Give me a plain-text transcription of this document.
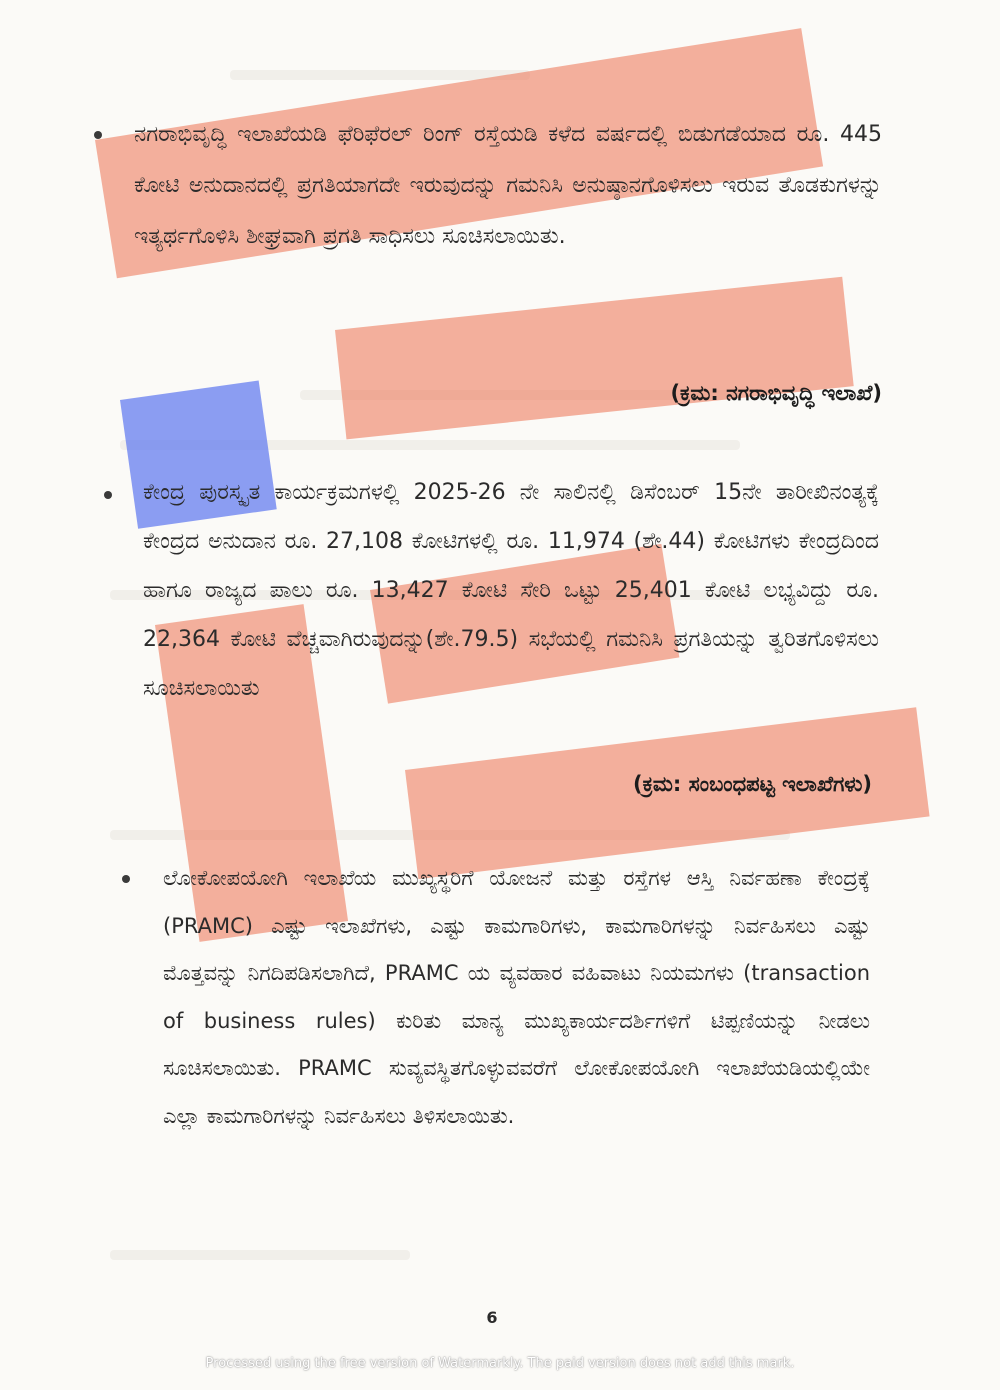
ನಗರಾಭಿವೃದ್ಧಿ ಇಲಾಖೆಯಡಿ ಫೆರಿಫೆರಲ್ ರಿಂಗ್ ರಸ್ತೆಯಡಿ ಕಳೆದ ವರ್ಷದಲ್ಲಿ ಬಿಡುಗಡೆಯಾದ ರೂ. 445 ಕೋಟಿ ಅನುದಾನದಲ್ಲಿ ಪ್ರಗತಿಯಾಗದೇ ಇರುವುದನ್ನು ಗಮನಿಸಿ ಅನುಷ್ಠಾನಗೊಳಿಸಲು ಇರುವ ತೊಡಕುಗಳನ್ನು ಇತ್ಯರ್ಥಗೊಳಿಸಿ ಶೀಘ್ರವಾಗಿ ಪ್ರಗತಿ ಸಾಧಿಸಲು ಸೂಚಿಸಲಾಯಿತು.
(ಕ್ರಮ: ನಗರಾಭಿವೃದ್ಧಿ ಇಲಾಖೆ)
ಕೇಂದ್ರ ಪುರಸ್ಕೃತ ಕಾರ್ಯಕ್ರಮಗಳಲ್ಲಿ 2025-26 ನೇ ಸಾಲಿನಲ್ಲಿ ಡಿಸೆಂಬರ್ 15ನೇ ತಾರೀಖಿನಂತ್ಯಕ್ಕೆ ಕೇಂದ್ರದ ಅನುದಾನ ರೂ. 27,108 ಕೋಟಿಗಳಲ್ಲಿ ರೂ. 11,974 (ಶೇ.44) ಕೋಟಿಗಳು ಕೇಂದ್ರದಿಂದ ಹಾಗೂ ರಾಜ್ಯದ ಪಾಲು ರೂ. 13,427 ಕೋಟಿ ಸೇರಿ ಒಟ್ಟು 25,401 ಕೋಟಿ ಲಭ್ಯವಿದ್ದು ರೂ. 22,364 ಕೋಟಿ ವೆಚ್ಚವಾಗಿರುವುದನ್ನು(ಶೇ.79.5) ಸಭೆಯಲ್ಲಿ ಗಮನಿಸಿ ಪ್ರಗತಿಯನ್ನು ತ್ವರಿತಗೊಳಿಸಲು ಸೂಚಿಸಲಾಯಿತು
(ಕ್ರಮ: ಸಂಬಂಧಪಟ್ಟ ಇಲಾಖೆಗಳು)
ಲೋಕೋಪಯೋಗಿ ಇಲಾಖೆಯ ಮುಖ್ಯಸ್ಥರಿಗೆ ಯೋಜನೆ ಮತ್ತು ರಸ್ತೆಗಳ ಆಸ್ತಿ ನಿರ್ವಹಣಾ ಕೇಂದ್ರಕ್ಕೆ (PRAMC) ಎಷ್ಟು ಇಲಾಖೆಗಳು, ಎಷ್ಟು ಕಾಮಗಾರಿಗಳು, ಕಾಮಗಾರಿಗಳನ್ನು ನಿರ್ವಹಿಸಲು ಎಷ್ಟು ಮೊತ್ತವನ್ನು ನಿಗದಿಪಡಿಸಲಾಗಿದೆ, PRAMC ಯ ವ್ಯವಹಾರ ವಹಿವಾಟು ನಿಯಮಗಳು (transaction of business rules) ಕುರಿತು ಮಾನ್ಯ ಮುಖ್ಯಕಾರ್ಯದರ್ಶಿಗಳಿಗೆ ಟಿಪ್ಪಣಿಯನ್ನು ನೀಡಲು ಸೂಚಿಸಲಾಯಿತು. PRAMC ಸುವ್ಯವಸ್ಥಿತಗೊಳ್ಳುವವರೆಗೆ ಲೋಕೋಪಯೋಗಿ ಇಲಾಖೆಯಡಿಯಲ್ಲಿಯೇ ಎಲ್ಲಾ ಕಾಮಗಾರಿಗಳನ್ನು ನಿರ್ವಹಿಸಲು ತಿಳಿಸಲಾಯಿತು.
6
Processed using the free version of Watermarkly. The paid version does not add this mark.
